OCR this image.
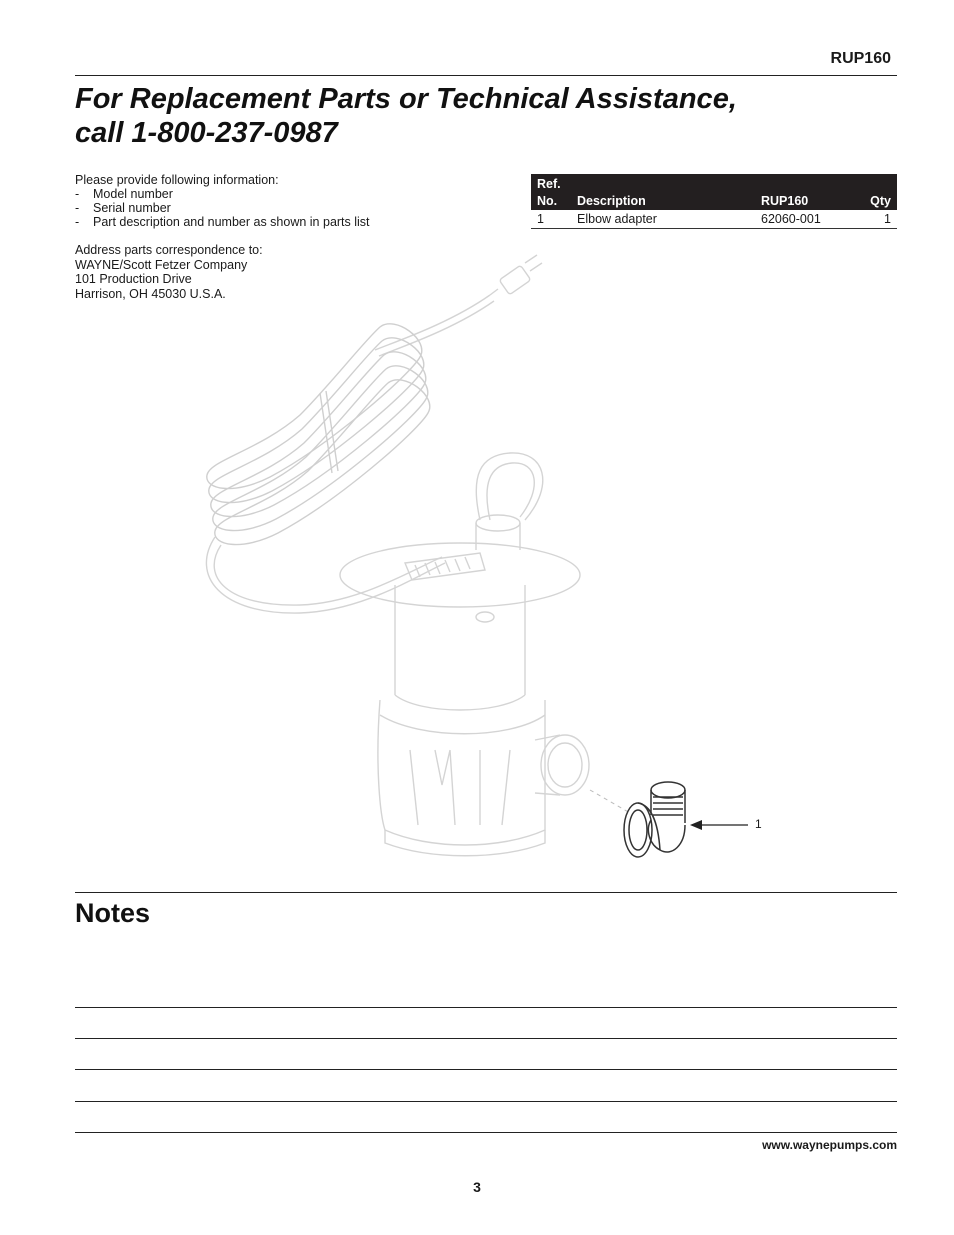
RUP160
For Replacement Parts or Technical Assistance,
call 1-800-237-0987
Please provide following information:
-	Model number
-	Serial number
-	Part description and number as shown in parts list
Address parts correspondence to:
WAYNE/Scott Fetzer Company
101 Production Drive
Harrison, OH 45030 U.S.A.
Ref.			
No.	Description	RUP160	Qty
1	Elbow adapter	62060-001	1
1
Notes
www.waynepumps.com
3
